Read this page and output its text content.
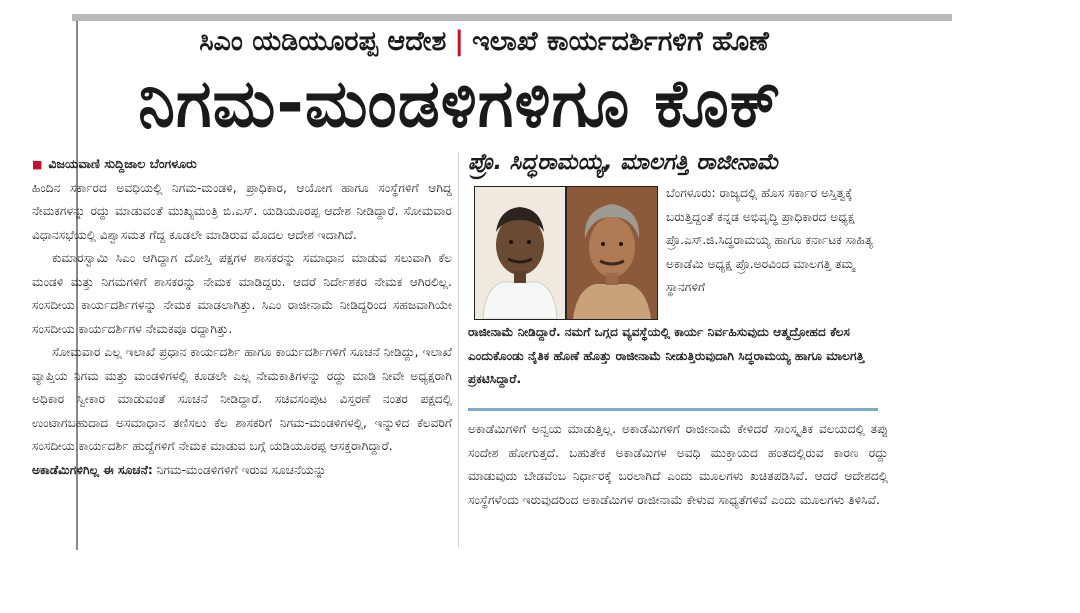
ಸಿಎಂ ಯಡಿಯೂರಪ್ಪ ಆದೇಶ | ಇಲಾಖೆ ಕಾರ್ಯದರ್ಶಿಗಳಿಗೆ ಹೊಣೆ
ನಿಗಮ-ಮಂಡಳಿಗಳಿಗೂ ಕೊಕ್

■ ವಿಜಯವಾಣಿ ಸುದ್ದಿಜಾಲ ಬೆಂಗಳೂರು

ಹಿಂದಿನ ಸರ್ಕಾರದ ಅವಧಿಯಲ್ಲಿ ನಿಗಮ-ಮಂಡಳಿ, ಪ್ರಾಧಿಕಾರ, ಆಯೋಗ ಹಾಗೂ ಸಂಸ್ಥೆಗಳಿಗೆ ಆಗಿದ್ದ ನೇಮಕಗಳನ್ನು ರದ್ದು ಮಾಡುವಂತೆ ಮುಖ್ಯಮಂತ್ರಿ ಬಿ.ಎಸ್. ಯಡಿಯೂರಪ್ಪ ಆದೇಶ ನೀಡಿದ್ದಾರೆ. ಸೋಮವಾರ ವಿಧಾನಸಭೆಯಲ್ಲಿ ವಿಶ್ವಾಸಮತ ಗೆದ್ದ ಕೂಡಲೇ ಮಾಡಿರುವ ಮೊದಲ ಆದೇಶ ಇದಾಗಿದೆ.

ಕುಮಾರಸ್ವಾಮಿ ಸಿಎಂ ಆಗಿದ್ದಾಗ ದೋಸ್ತಿ ಪಕ್ಷಗಳ ಶಾಸಕರನ್ನು ಸಮಾಧಾನ ಮಾಡುವ ಸಲುವಾಗಿ ಕೆಲ ಮಂಡಳಿ ಮತ್ತು ನಿಗಮಗಳಿಗೆ ಶಾಸಕರನ್ನು ನೇಮಕ ಮಾಡಿದ್ದರು. ಆದರೆ ನಿರ್ದೇಶಕರ ನೇಮಕ ಆಗಿರಲಿಲ್ಲ. ಸಂಸದೀಯ ಕಾರ್ಯದರ್ಶಿಗಳನ್ನು ನೇಮಕ ಮಾಡಲಾಗಿತ್ತು. ಸಿಎಂ ರಾಜೀನಾಮೆ ನೀಡಿದ್ದರಿಂದ ಸಹಜವಾಗಿಯೇ ಸಂಸದೀಯ ಕಾರ್ಯದರ್ಶಿಗಳ ನೇಮಕವೂ ರದ್ದಾಗಿತ್ತು.

ಸೋಮವಾರ ಎಲ್ಲ ಇಲಾಖೆ ಪ್ರಧಾನ ಕಾರ್ಯದರ್ಶಿ ಹಾಗೂ ಕಾರ್ಯದರ್ಶಿಗಳಿಗೆ ಸೂಚನೆ ನೀಡಿದ್ದು, ಇಲಾಖೆ ವ್ಯಾಪ್ತಿಯ ನಿಗಮ ಮತ್ತು ಮಂಡಳಿಗಳಲ್ಲಿ ಕೂಡಲೇ ಎಲ್ಲ ನೇಮಕಾತಿಗಳನ್ನು ರದ್ದು ಮಾಡಿ ನೀವೇ ಅಧ್ಯಕ್ಷರಾಗಿ ಅಧಿಕಾರ ಸ್ವೀಕಾರ ಮಾಡುವಂತೆ ಸೂಚನೆ ನೀಡಿದ್ದಾರೆ. ಸಚಿವಸಂಪುಟ ವಿಸ್ತರಣೆ ನಂತರ ಪಕ್ಷದಲ್ಲಿ ಉಂಟಾಗಬಹುದಾದ ಅಸಮಾಧಾನ ತಣಿಸಲು ಕೆಲ ಶಾಸಕರಿಗೆ ನಿಗಮ-ಮಂಡಳಿಗಳಲ್ಲಿ, ಇನ್ನುಳಿದ ಕೆಲವರಿಗೆ ಸಂಸದೀಯ ಕಾರ್ಯದರ್ಶಿ ಹುದ್ದೆಗಳಿಗೆ ನೇಮಕ ಮಾಡುವ ಬಗ್ಗೆ ಯಡಿಯೂರಪ್ಪ ಆಸಕ್ತರಾಗಿದ್ದಾರೆ.

ಅಕಾಡೆಮಿಗಳಿಗಿಲ್ಲ ಈ ಸೂಚನೆ: ನಿಗಮ-ಮಂಡಳಿಗಳಿಗೆ ಇರುವ ಸೂಚನೆಯನ್ನು

ಪ್ರೊ. ಸಿದ್ಧರಾಮಯ್ಯ, ಮಾಲಗತ್ತಿ ರಾಜೀನಾಮೆ

ಬೆಂಗಳೂರು: ರಾಜ್ಯದಲ್ಲಿ ಹೊಸ ಸರ್ಕಾರ ಅಸ್ತಿತ್ವಕ್ಕೆ ಬರುತ್ತಿದ್ದಂತೆ ಕನ್ನಡ ಅಭಿವೃದ್ಧಿ ಪ್ರಾಧಿಕಾರದ ಅಧ್ಯಕ್ಷ ಪ್ರೊ.ಎಸ್.ಜಿ.ಸಿದ್ಧರಾಮಯ್ಯ ಹಾಗೂ ಕರ್ನಾಟಕ ಸಾಹಿತ್ಯ ಅಕಾಡೆಮಿ ಅಧ್ಯಕ್ಷ ಪ್ರೊ.ಅರವಿಂದ ಮಾಲಗತ್ತಿ ತಮ್ಮ ಸ್ಥಾನಗಳಿಗೆ

ರಾಜೀನಾಮೆ ನೀಡಿದ್ದಾರೆ. ನಮಗೆ ಒಗ್ಗದ ವ್ಯವಸ್ಥೆಯಲ್ಲಿ ಕಾರ್ಯ ನಿರ್ವಹಿಸುವುದು ಆತ್ಮದ್ರೋಹದ ಕೆಲಸ ಎಂದುಕೊಂಡು ನೈತಿಕ ಹೊಣೆ ಹೊತ್ತು ರಾಜೀನಾಮೆ ನೀಡುತ್ತಿರುವುದಾಗಿ ಸಿದ್ಧರಾಮಯ್ಯ ಹಾಗೂ ಮಾಲಗತ್ತಿ ಪ್ರಕಟಿಸಿದ್ದಾರೆ.

ಅಕಾಡೆಮಿಗಳಿಗೆ ಅನ್ವಯ ಮಾಡುತ್ತಿಲ್ಲ. ಅಕಾಡೆಮಿಗಳಿಗೆ ರಾಜೀನಾಮೆ ಕೇಳಿದರೆ ಸಾಂಸ್ಕೃತಿಕ ವಲಯದಲ್ಲಿ ತಪ್ಪು ಸಂದೇಶ ಹೋಗುತ್ತದೆ. ಬಹುತೇಕ ಅಕಾಡೆಮಿಗಳ ಅವಧಿ ಮುಕ್ತಾಯದ ಹಂತದಲ್ಲಿರುವ ಕಾರಣ ರದ್ದು ಮಾಡುವುದು ಬೇಡವೆಂಬ ನಿರ್ಧಾರಕ್ಕೆ ಬರಲಾಗಿದೆ ಎಂದು ಮೂಲಗಳು ಖಚಿತಪಡಿಸಿವೆ. ಆದರೆ ಆದೇಶದಲ್ಲಿ ಸಂಸ್ಥೆಗಳೆಂದು ಇರುವುದರಿಂದ ಅಕಾಡೆಮಿಗಳ ರಾಜೀನಾಮೆ ಕೇಳುವ ಸಾಧ್ಯತೆಗಳಿವೆ ಎಂದು ಮೂಲಗಳು ತಿಳಿಸಿವೆ.
